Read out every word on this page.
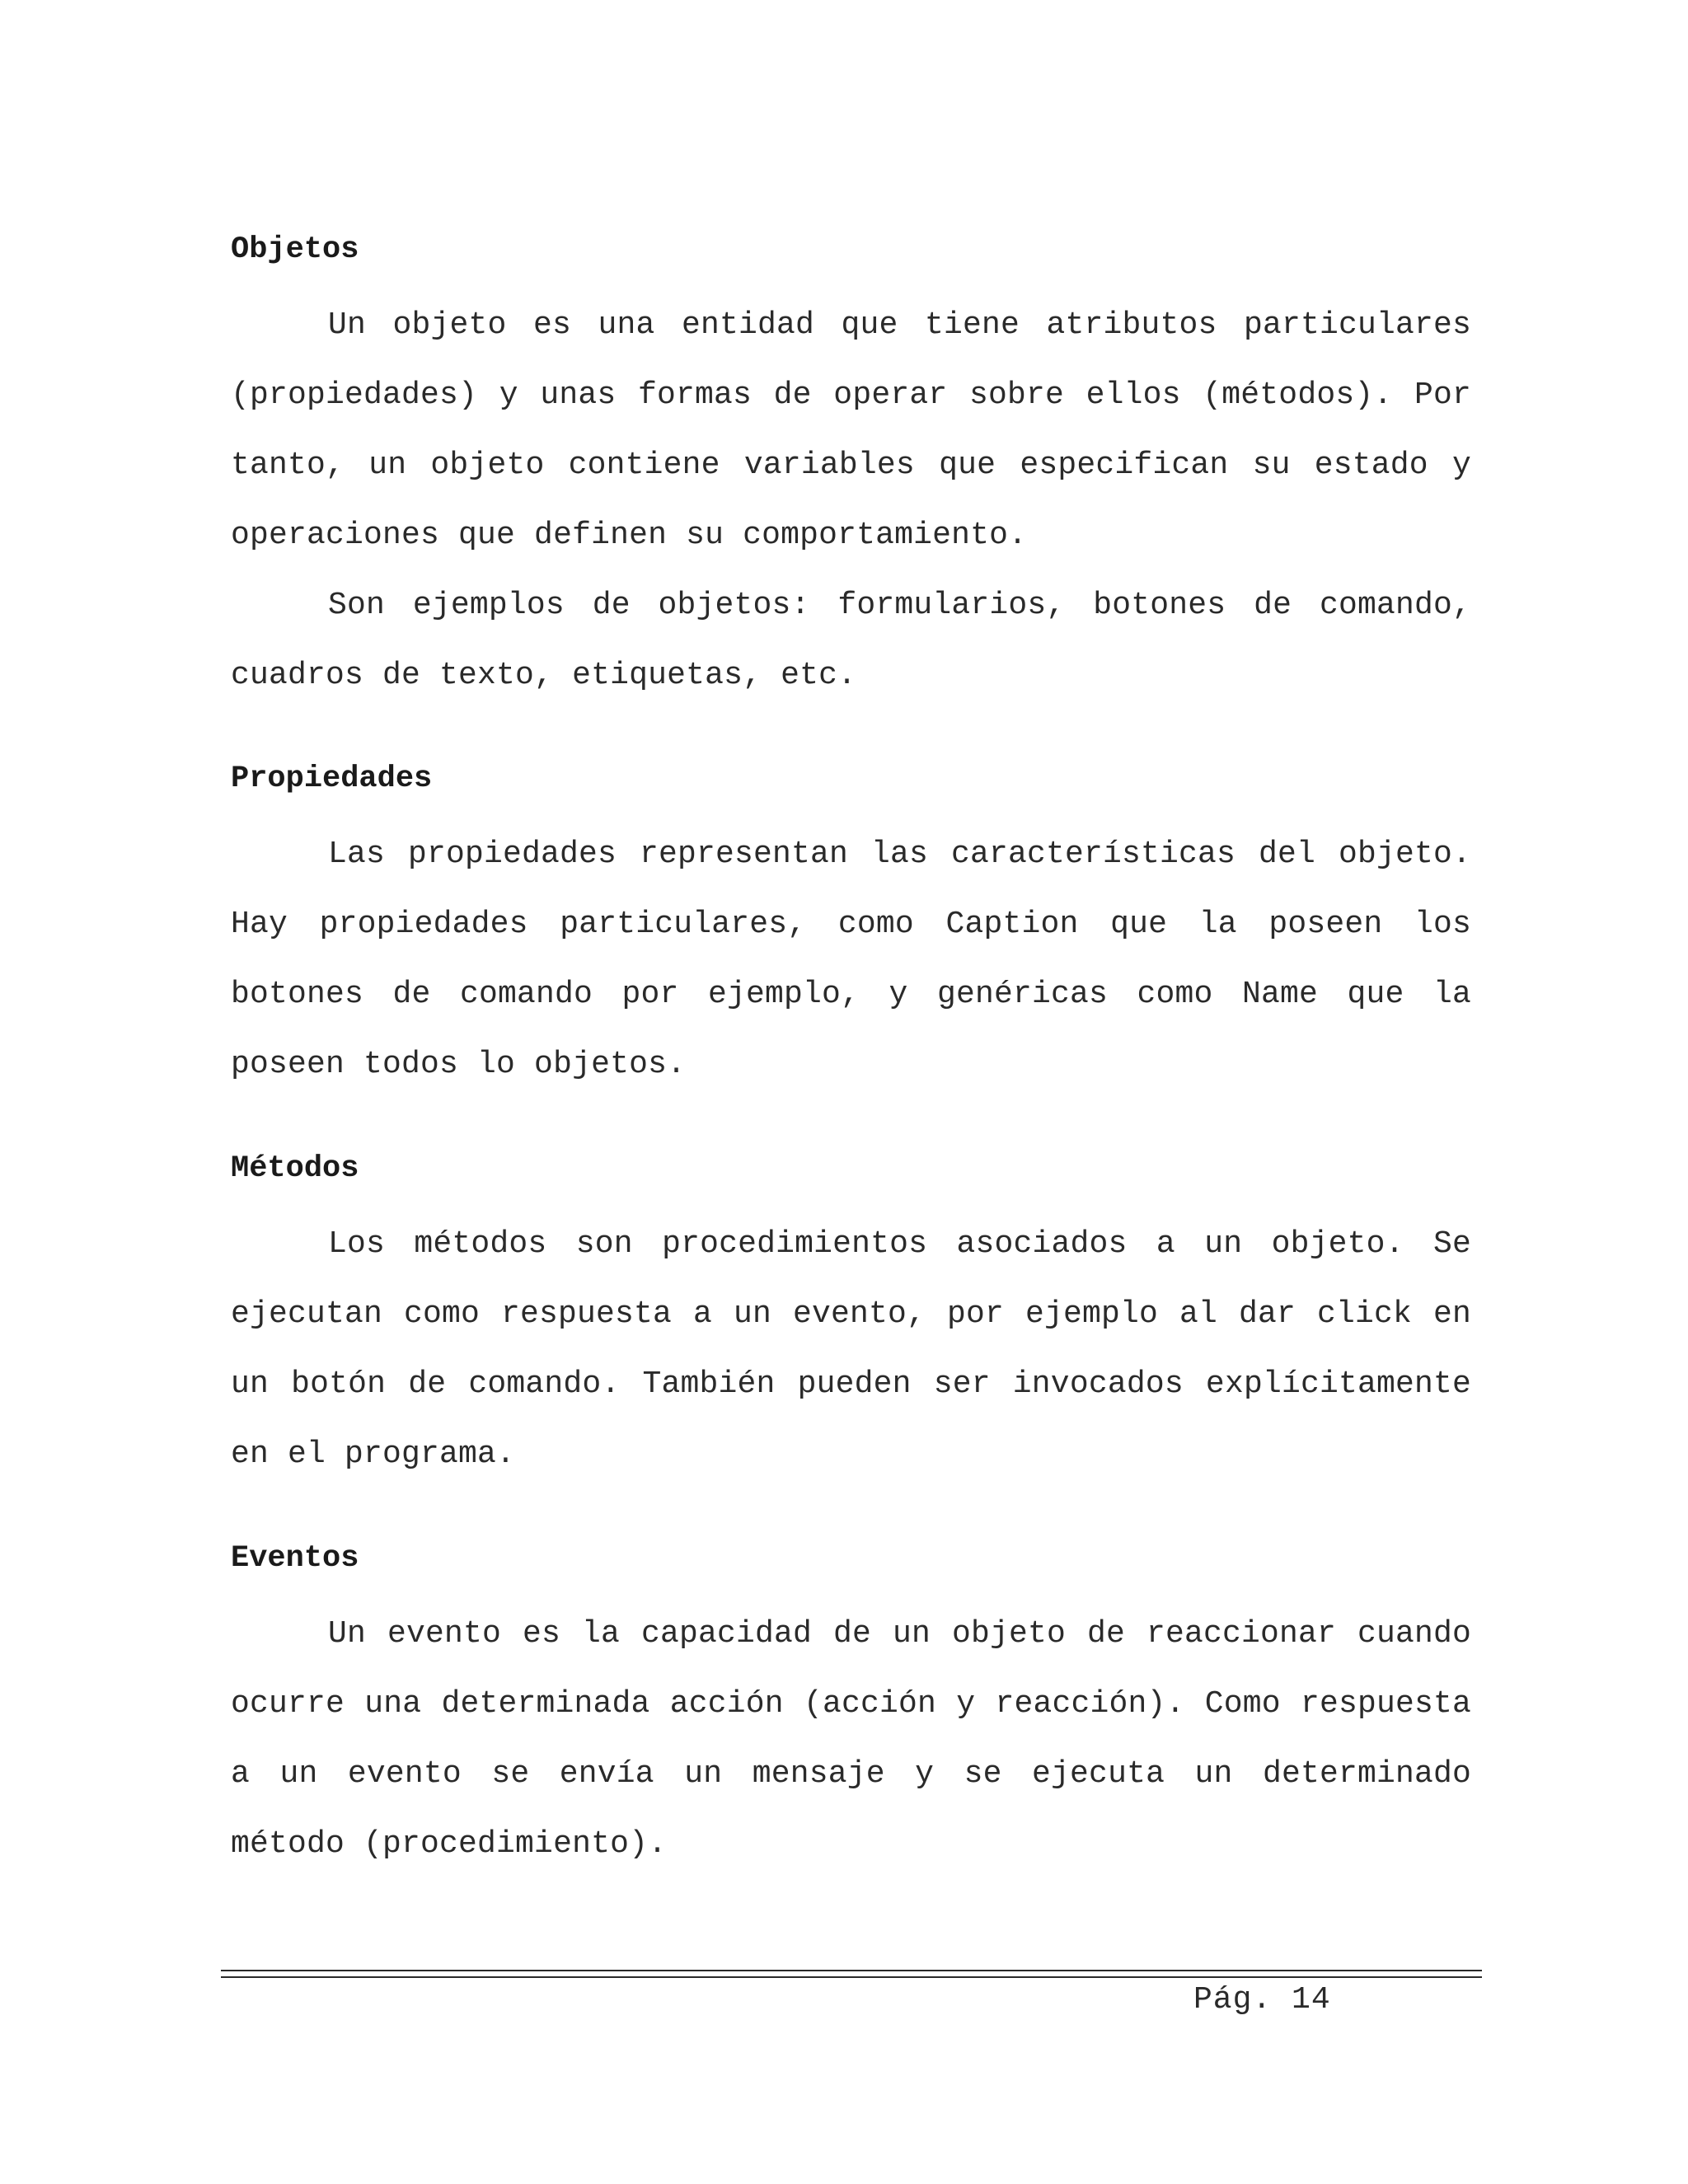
Objetos

Un objeto es una entidad que tiene atributos particulares (propiedades) y unas formas de operar sobre ellos (métodos). Por tanto, un objeto contiene variables que especifican su estado y operaciones que definen su comportamiento.

Son ejemplos de objetos: formularios, botones de comando, cuadros de texto, etiquetas, etc.

Propiedades

Las propiedades representan las características del objeto. Hay propiedades particulares, como Caption que la poseen los botones de comando por ejemplo, y genéricas como Name que la poseen todos lo objetos.

Métodos

Los métodos son procedimientos asociados a un objeto. Se ejecutan como respuesta a un evento, por ejemplo al dar click en un botón de comando. También pueden ser invocados explícitamente en el programa.

Eventos

Un evento es la capacidad de un objeto de reaccionar cuando ocurre una determinada acción (acción y reacción). Como respuesta a un evento se envía un mensaje y se ejecuta un determinado método (procedimiento).

Pág. 14
